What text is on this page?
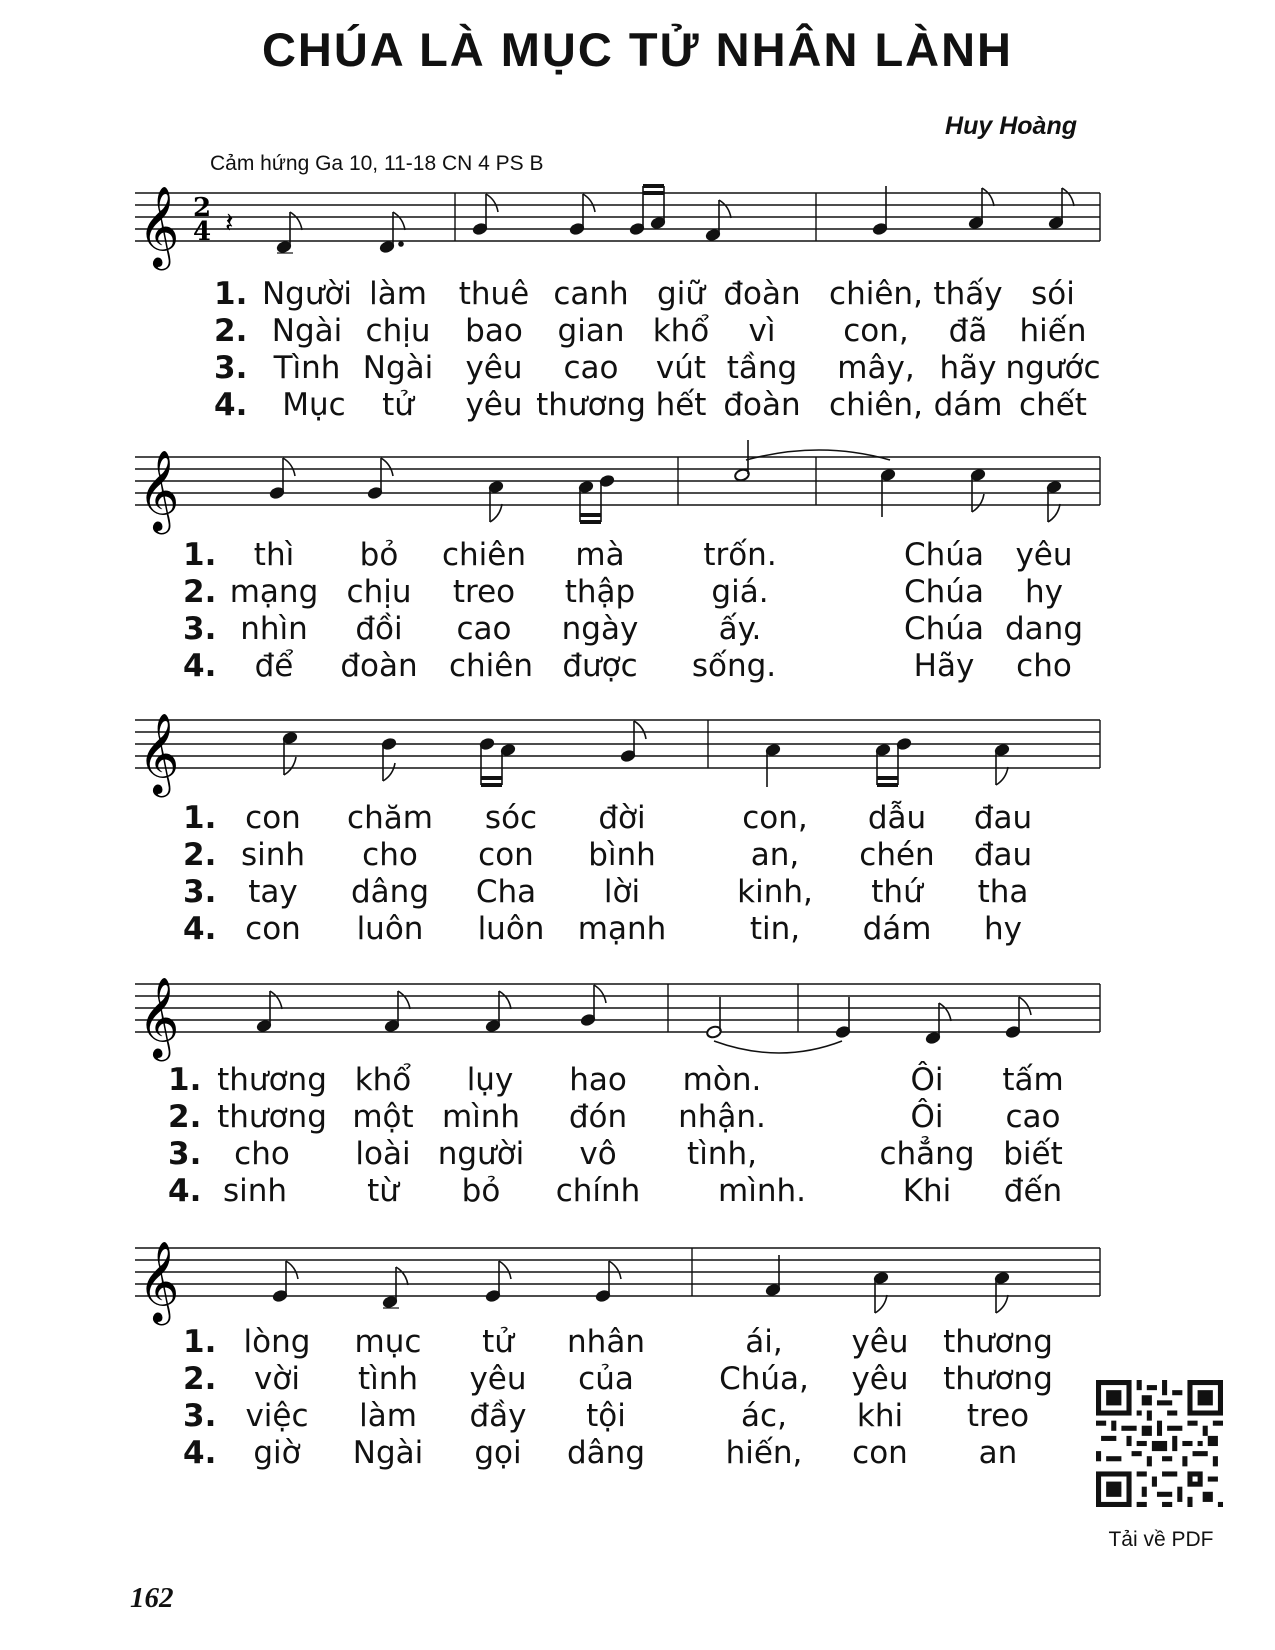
CHÚA LÀ MỤC TỬ NHÂN LÀNH
Huy Hoàng
Cảm hứng Ga 10, 11-18 CN 4 PS B
𝄞 2
4 𝄽
1. Người làm thuê canh giữ đoàn chiên, thấy sói
2. Ngài chịu bao gian khổ vì con, đã hiến
3. Tình Ngài yêu cao vút tầng mây, hãy ngước
4. Mục tử yêu thương hết đoàn chiên, dám chết
𝄞
1. thì bỏ chiên mà	trốn.	Chúa yêu
2. mạng chịu treo thập giá.	Chúa hy
3. nhìn đồi cao ngày	ấy.	Chúa dang
4. để đoàn chiên được sống.	Hãy cho
𝄞
1. con chăm sóc đời	con, dẫu đau
2. sinh cho con bình	an, chén đau
3. tay dâng Cha lời	kinh, thứ tha
4. con luôn luôn mạnh	tin, dám hy
𝄞
1. thương khổ lụy hao mòn.	Ôi tấm
2. thương một mình đón nhận.	Ôi cao
3. cho loài người vô tình,	chẳng biết
4. sinh	từ bỏ chính	mình.	Khi đến
𝄞
1. lòng mục tử nhân	ái, yêu thương
2. vời tình yêu của	Chúa, yêu thương
3. việc làm đầy tội	ác, khi treo
4. giờ Ngài gọi dâng	hiến, con an
162
Tải về PDF
